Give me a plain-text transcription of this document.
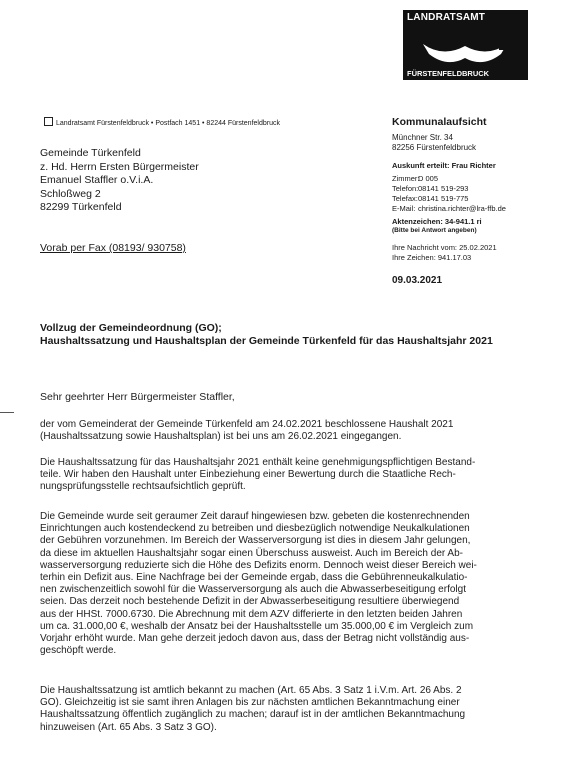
LANDRATSAMT
FÜRSTENFELDBRUCK
Landratsamt Fürstenfeldbruck • Postfach 1451 • 82244 Fürstenfeldbruck	Kommunalaufsicht
Münchner Str. 34
82256 Fürstenfeldbruck
Auskunft erteilt: Frau Richter
Zimmer:D 005
Telefon:08141 519-293
Telefax:08141 519-775
E-Mail: christina.richter@lra-ffb.de
Aktenzeichen: 34-941.1 ri
(Bitte bei Antwort angeben)
Ihre Nachricht vom: 25.02.2021
Ihre Zeichen: 941.17.03
09.03.2021
Gemeinde Türkenfeld
z. Hd. Herrn Ersten Bürgermeister
Emanuel Staffler o.V.i.A.
Schloßweg 2
82299 Türkenfeld
Vorab per Fax (08193/ 930758)
Vollzug der Gemeindeordnung (GO);
Haushaltssatzung und Haushaltsplan der Gemeinde Türkenfeld für das Haushaltsjahr 2021
Sehr geehrter Herr Bürgermeister Staffler,
der vom Gemeinderat der Gemeinde Türkenfeld am 24.02.2021 beschlossene Haushalt 2021
(Haushaltssatzung sowie Haushaltsplan) ist bei uns am 26.02.2021 eingegangen.
Die Haushaltssatzung für das Haushaltsjahr 2021 enthält keine genehmigungspflichtigen Bestand-
teile. Wir haben den Haushalt unter Einbeziehung einer Bewertung durch die Staatliche Rech-
nungsprüfungsstelle rechtsaufsichtlich geprüft.
Die Gemeinde wurde seit geraumer Zeit darauf hingewiesen bzw. gebeten die kostenrechnenden
Einrichtungen auch kostendeckend zu betreiben und diesbezüglich notwendige Neukalkulationen
der Gebühren vorzunehmen. Im Bereich der Wasserversorgung ist dies in diesem Jahr gelungen,
da diese im aktuellen Haushaltsjahr sogar einen Überschuss ausweist. Auch im Bereich der Ab-
wasserversorgung reduzierte sich die Höhe des Defizits enorm. Dennoch weist dieser Bereich wei-
terhin ein Defizit aus. Eine Nachfrage bei der Gemeinde ergab, dass die Gebührenneukalkulatio-
nen zwischenzeitlich sowohl für die Wasserversorgung als auch die Abwasserbeseitigung erfolgt
seien. Das derzeit noch bestehende Defizit in der Abwasserbeseitigung resultiere überwiegend
aus der HHSt. 7000.6730. Die Abrechnung mit dem AZV differierte in den letzten beiden Jahren
um ca. 31.000,00 €, weshalb der Ansatz bei der Haushaltsstelle um 35.000,00 € im Vergleich zum
Vorjahr erhöht wurde. Man gehe derzeit jedoch davon aus, dass der Betrag nicht vollständig aus-
geschöpft werde.
Die Haushaltssatzung ist amtlich bekannt zu machen (Art. 65 Abs. 3 Satz 1 i.V.m. Art. 26 Abs. 2
GO). Gleichzeitig ist sie samt ihren Anlagen bis zur nächsten amtlichen Bekanntmachung einer
Haushaltssatzung öffentlich zugänglich zu machen; darauf ist in der amtlichen Bekanntmachung
hinzuweisen (Art. 65 Abs. 3 Satz 3 GO).
